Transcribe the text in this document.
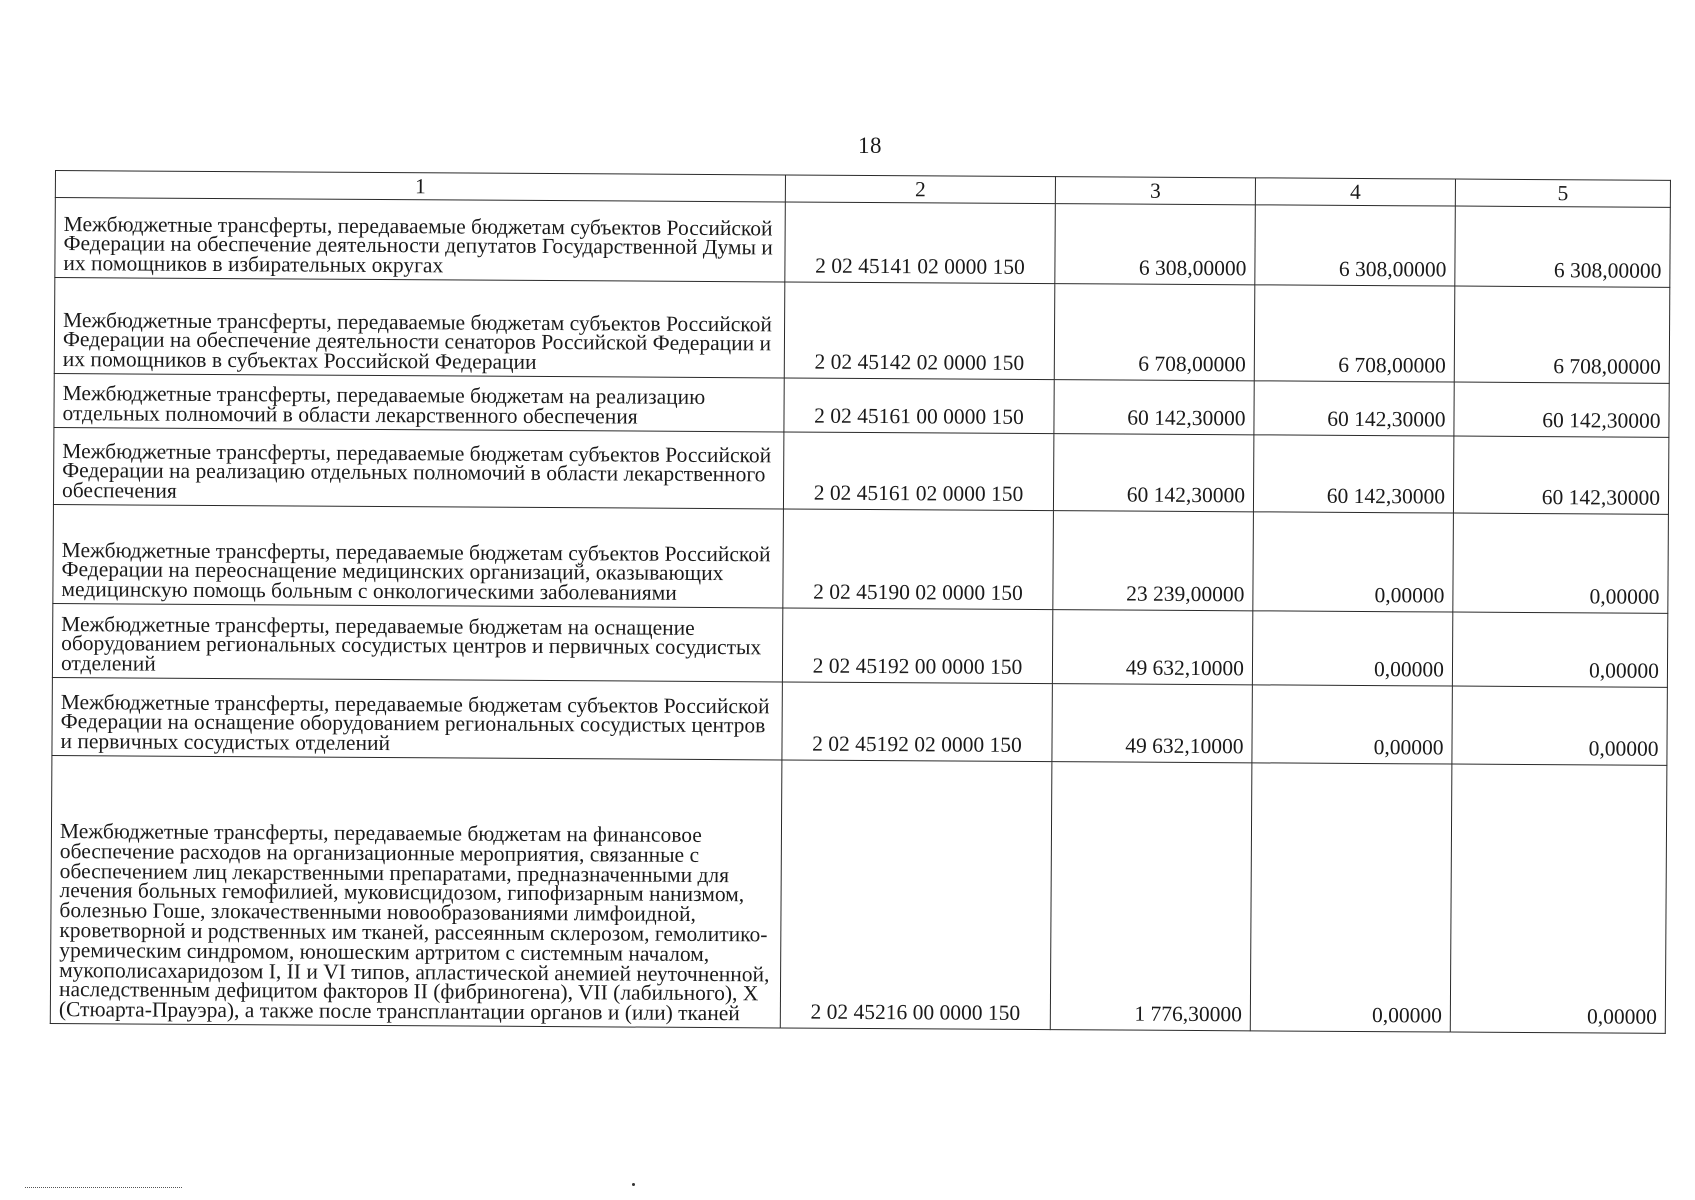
18
1	2	3	4	5
Межбюджетные трансферты, передаваемые бюджетам субъектов Российской Федерации на обеспечение деятельности депутатов Государственной Думы и их помощников в избирательных округах	2 02 45141 02 0000 150	6 308,00000	6 308,00000	6 308,00000
Межбюджетные трансферты, передаваемые бюджетам субъектов Российской Федерации на обеспечение деятельности сенаторов Российской Федерации и их помощников в субъектах Российской Федерации	2 02 45142 02 0000 150	6 708,00000	6 708,00000	6 708,00000
Межбюджетные трансферты, передаваемые бюджетам на реализацию отдельных полномочий в области лекарственного обеспечения	2 02 45161 00 0000 150	60 142,30000	60 142,30000	60 142,30000
Межбюджетные трансферты, передаваемые бюджетам субъектов Российской Федерации на реализацию отдельных полномочий в области лекарственного обеспечения	2 02 45161 02 0000 150	60 142,30000	60 142,30000	60 142,30000
Межбюджетные трансферты, передаваемые бюджетам субъектов Российской Федерации на переоснащение медицинских организаций, оказывающих медицинскую помощь больным с онкологическими заболеваниями	2 02 45190 02 0000 150	23 239,00000	0,00000	0,00000
Межбюджетные трансферты, передаваемые бюджетам на оснащение оборудованием региональных сосудистых центров и первичных сосудистых отделений	2 02 45192 00 0000 150	49 632,10000	0,00000	0,00000
Межбюджетные трансферты, передаваемые бюджетам субъектов Российской Федерации на оснащение оборудованием региональных сосудистых центров и первичных сосудистых отделений	2 02 45192 02 0000 150	49 632,10000	0,00000	0,00000
Межбюджетные трансферты, передаваемые бюджетам на финансовое обеспечение расходов на организационные мероприятия, связанные с обеспечением лиц лекарственными препаратами, предназначенными для лечения больных гемофилией, муковисцидозом, гипофизарным нанизмом, болезнью Гоше, злокачественными новообразованиями лимфоидной, кроветворной и родственных им тканей, рассеянным склерозом, гемолитико-уремическим синдромом, юношеским артритом с системным началом, мукополисахаридозом I, II и VI типов, апластической анемией неуточненной, наследственным дефицитом факторов II (фибриногена), VII (лабильного), X (Стюарта-Прауэра), а также после трансплантации органов и (или) тканей	2 02 45216 00 0000 150	1 776,30000	0,00000	0,00000
